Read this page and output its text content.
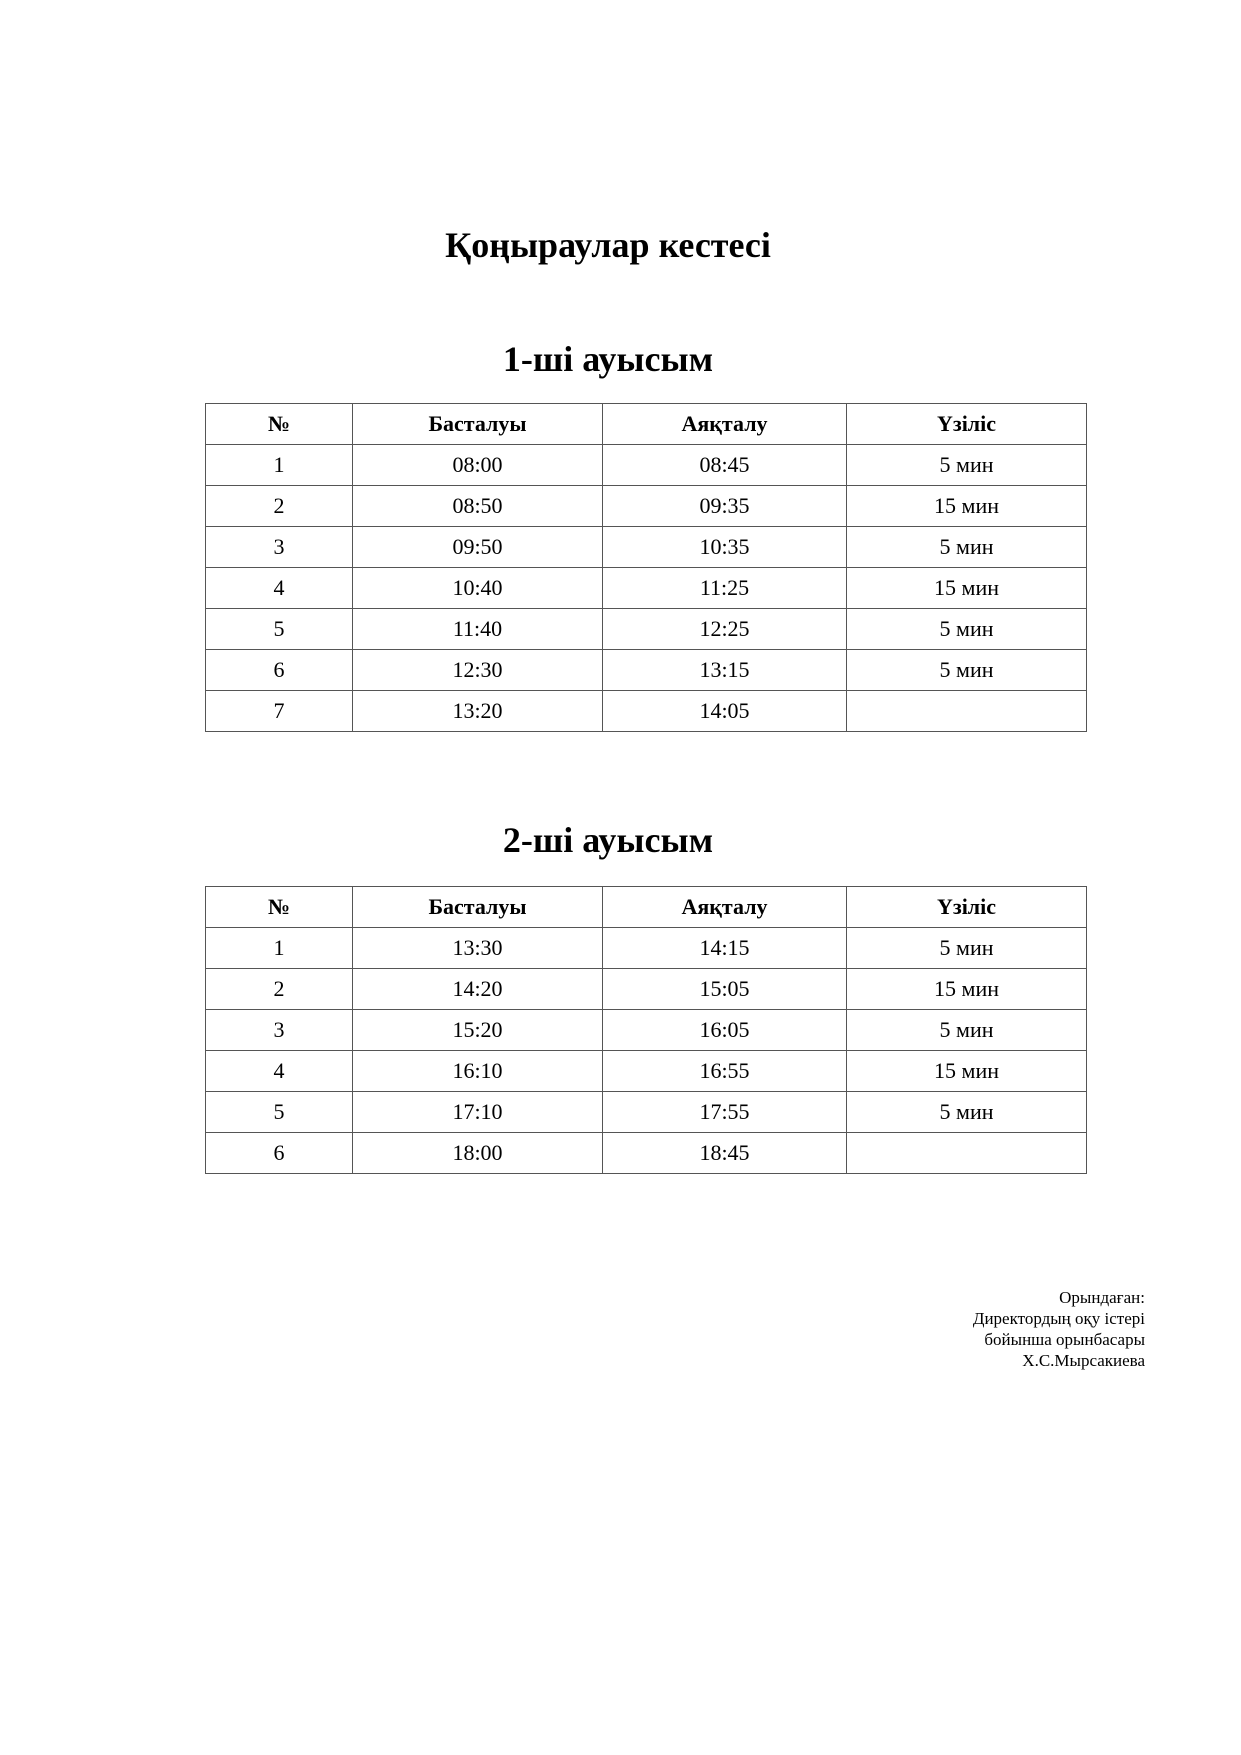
Қоңыраулар кестесі
1-ші ауысым
№	Басталуы	Аяқталу	Үзіліс
1	08:00	08:45	5 мин
2	08:50	09:35	15 мин
3	09:50	10:35	5 мин
4	10:40	11:25	15 мин
5	11:40	12:25	5 мин
6	12:30	13:15	5 мин
7	13:20	14:05	
2-ші ауысым
№	Басталуы	Аяқталу	Үзіліс
1	13:30	14:15	5 мин
2	14:20	15:05	15 мин
3	15:20	16:05	5 мин
4	16:10	16:55	15 мин
5	17:10	17:55	5 мин
6	18:00	18:45	
Орындаған:
Директордың оқу істері
бойынша орынбасары
Х.С.Мырсакиева
